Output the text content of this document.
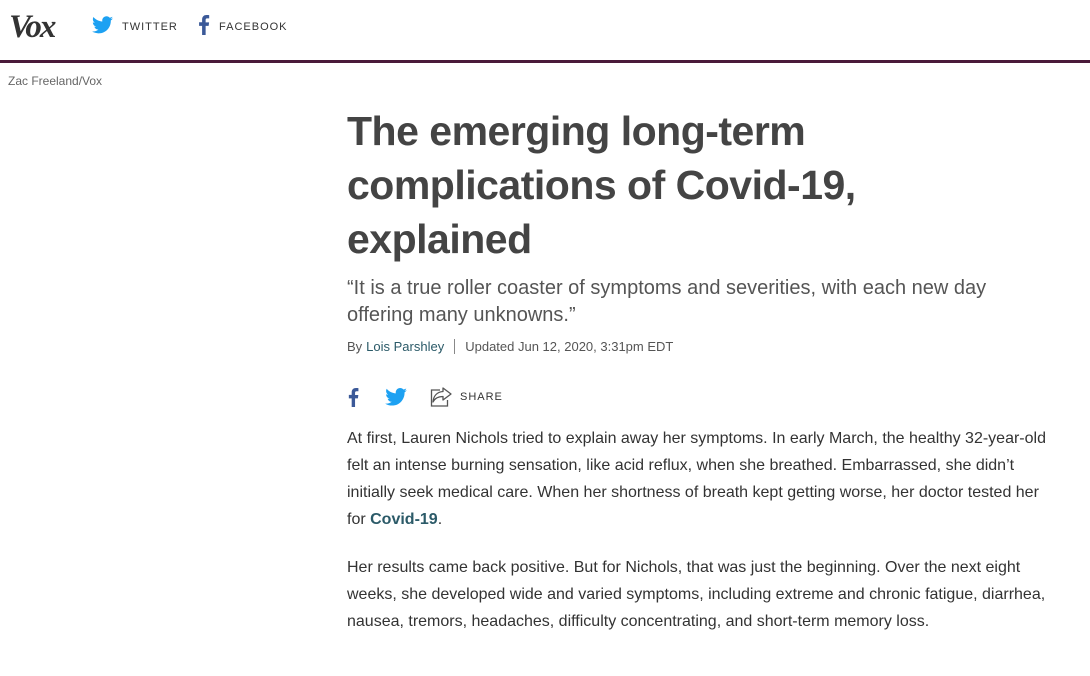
Vox	TWITTER	FACEBOOK
Zac Freeland/Vox
The emerging long-term complications of Covid-19, explained

“It is a true roller coaster of symptoms and severities, with each new day offering many unknowns.”

By Lois Parshley Updated Jun 12, 2020, 3:31pm EDT
SHARE

At first, Lauren Nichols tried to explain away her symptoms. In early March, the healthy 32-year-old felt an intense burning sensation, like acid reflux, when she breathed. Embarrassed, she didn’t initially seek medical care. When her shortness of breath kept getting worse, her doctor tested her for Covid-19.

Her results came back positive. But for Nichols, that was just the beginning. Over the next eight weeks, she developed wide and varied symptoms, including extreme and chronic fatigue, diarrhea, nausea, tremors, headaches, difficulty concentrating, and short-term memory loss.
